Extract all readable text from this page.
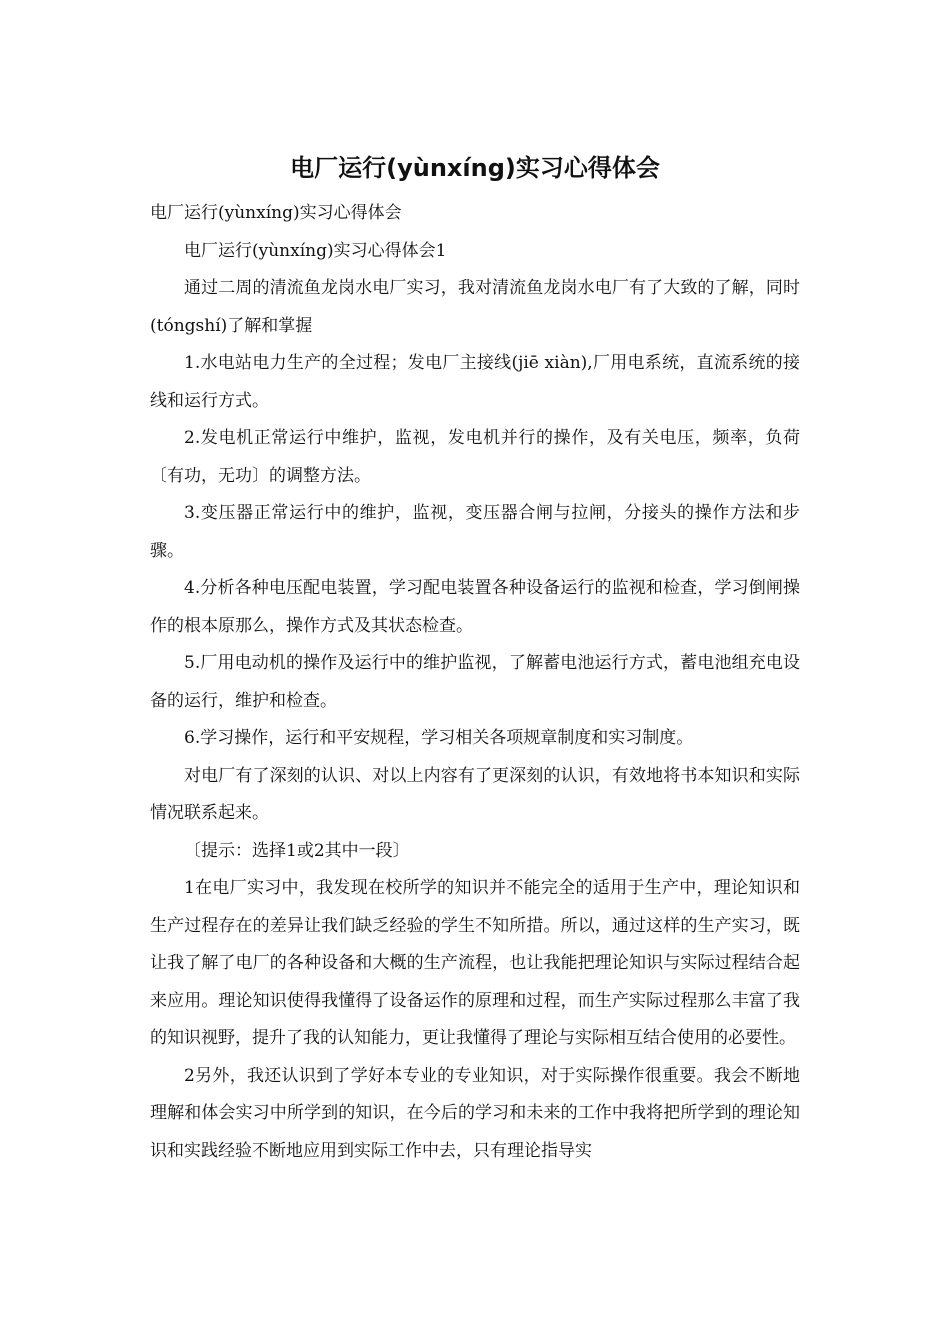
电厂运行(yùnxíng)实习心得体会

电厂运行(yùnxíng)实习心得体会

电厂运行(yùnxíng)实习心得体会1

通过二周的清流鱼龙岗水电厂实习，我对清流鱼龙岗水电厂有了大致的了解，同时(tóngshí)了解和掌握

1.水电站电力生产的全过程；发电厂主接线(jiē xiàn),厂用电系统，直流系统的接线和运行方式。

2.发电机正常运行中维护，监视，发电机并行的操作，及有关电压，频率，负荷〔有功，无功〕的调整方法。

3.变压器正常运行中的维护，监视，变压器合闸与拉闸，分接头的操作方法和步骤。

4.分析各种电压配电装置，学习配电装置各种设备运行的监视和检查，学习倒闸操作的根本原那么，操作方式及其状态检查。

5.厂用电动机的操作及运行中的维护监视，了解蓄电池运行方式，蓄电池组充电设备的运行，维护和检查。

6.学习操作，运行和平安规程，学习相关各项规章制度和实习制度。

对电厂有了深刻的认识、对以上内容有了更深刻的认识，有效地将书本知识和实际情况联系起来。

〔提示：选择1或2其中一段〕

1在电厂实习中，我发现在校所学的知识并不能完全的适用于生产中，理论知识和生产过程存在的差异让我们缺乏经验的学生不知所措。所以，通过这样的生产实习，既让我了解了电厂的各种设备和大概的生产流程，也让我能把理论知识与实际过程结合起来应用。理论知识使得我懂得了设备运作的原理和过程，而生产实际过程那么丰富了我的知识视野，提升了我的认知能力，更让我懂得了理论与实际相互结合使用的必要性。

2另外，我还认识到了学好本专业的专业知识，对于实际操作很重要。我会不断地理解和体会实习中所学到的知识，在今后的学习和未来的工作中我将把所学到的理论知识和实践经验不断地应用到实际工作中去，只有理论指导实
